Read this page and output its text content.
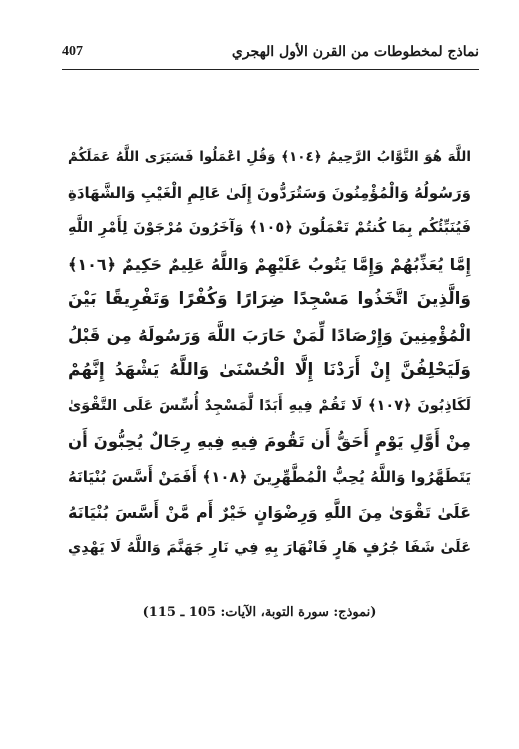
نماذج لمخطوطات من القرن الأول الهجري
407
اللَّهَ هُوَ التَّوَّابُ الرَّحِيمُ ﴿١٠٤﴾ وَقُلِ اعْمَلُوا فَسَيَرَى اللَّهُ عَمَلَكُمْ
وَرَسُولُهُ وَالْمُؤْمِنُونَ وَسَتُرَدُّونَ إِلَىٰ عَالِمِ الْغَيْبِ وَالشَّهَادَةِ
فَيُنَبِّئُكُم بِمَا كُنتُمْ تَعْمَلُونَ ﴿١٠٥﴾ وَآخَرُونَ مُرْجَوْنَ لِأَمْرِ اللَّهِ
إِمَّا يُعَذِّبُهُمْ وَإِمَّا يَتُوبُ عَلَيْهِمْ وَاللَّهُ عَلِيمٌ حَكِيمٌ ﴿١٠٦﴾
وَالَّذِينَ اتَّخَذُوا مَسْجِدًا ضِرَارًا وَكُفْرًا وَتَفْرِيقًا بَيْنَ
الْمُؤْمِنِينَ وَإِرْصَادًا لِّمَنْ حَارَبَ اللَّهَ وَرَسُولَهُ مِن قَبْلُ
وَلَيَحْلِفُنَّ إِنْ أَرَدْنَا إِلَّا الْحُسْنَىٰ وَاللَّهُ يَشْهَدُ إِنَّهُمْ
لَكَاذِبُونَ ﴿١٠٧﴾ لَا تَقُمْ فِيهِ أَبَدًا لَّمَسْجِدٌ أُسِّسَ عَلَى التَّقْوَىٰ
مِنْ أَوَّلِ يَوْمٍ أَحَقُّ أَن تَقُومَ فِيهِ فِيهِ رِجَالٌ يُحِبُّونَ أَن
يَتَطَهَّرُوا وَاللَّهُ يُحِبُّ الْمُطَّهِّرِينَ ﴿١٠٨﴾ أَفَمَنْ أَسَّسَ بُنْيَانَهُ
عَلَىٰ تَقْوَىٰ مِنَ اللَّهِ وَرِضْوَانٍ خَيْرٌ أَم مَّنْ أَسَّسَ بُنْيَانَهُ
عَلَىٰ شَفَا جُرُفٍ هَارٍ فَانْهَارَ بِهِ فِي نَارِ جَهَنَّمَ وَاللَّهُ لَا يَهْدِي
(نموذج: سورة التوبة، الآيات: 105 ـ 115)
